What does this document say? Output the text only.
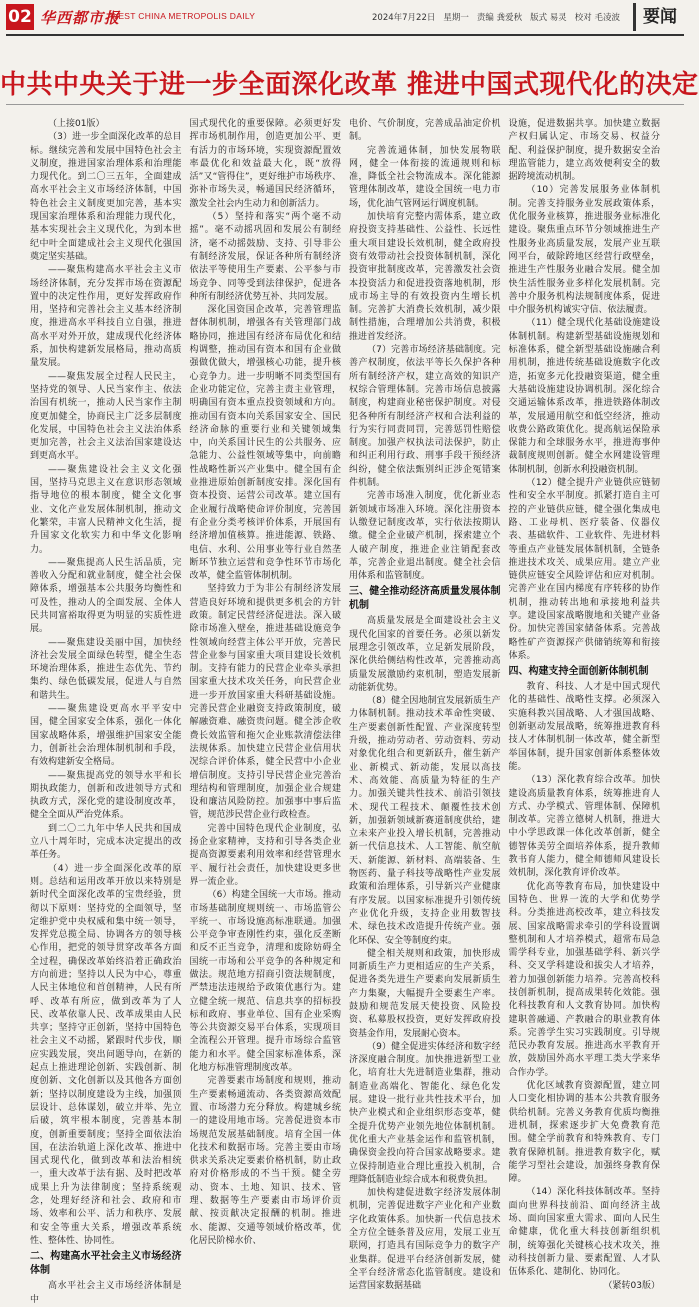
02 华西都市报
WEST CHINA METROPOLIS DAILY	2024年7月22日 星期一 责编 龚爱秋 版式 易灵 校对 毛凌波	要闻
中共中央关于进一步全面深化改革 推进中国式现代化的决定

（上接01版）

（3）进一步全面深化改革的总目标。继续完善和发展中国特色社会主义制度，推进国家治理体系和治理能力现代化。到二〇三五年，全面建成高水平社会主义市场经济体制，中国特色社会主义制度更加完善，基本实现国家治理体系和治理能力现代化，基本实现社会主义现代化，为到本世纪中叶全面建成社会主义现代化强国奠定坚实基础。

——聚焦构建高水平社会主义市场经济体制，充分发挥市场在资源配置中的决定性作用，更好发挥政府作用，坚持和完善社会主义基本经济制度，推进高水平科技自立自强，推进高水平对外开放，建成现代化经济体系，加快构建新发展格局，推动高质量发展。

——聚焦发展全过程人民民主，坚持党的领导、人民当家作主、依法治国有机统一，推动人民当家作主制度更加健全，协商民主广泛多层制度化发展，中国特色社会主义法治体系更加完善，社会主义法治国家建设达到更高水平。

——聚焦建设社会主义文化强国，坚持马克思主义在意识形态领域指导地位的根本制度，健全文化事业、文化产业发展体制机制，推动文化繁荣，丰富人民精神文化生活，提升国家文化软实力和中华文化影响力。

——聚焦提高人民生活品质，完善收入分配和就业制度，健全社会保障体系，增强基本公共服务均衡性和可及性，推动人的全面发展、全体人民共同富裕取得更为明显的实质性进展。

——聚焦建设美丽中国，加快经济社会发展全面绿色转型，健全生态环境治理体系，推进生态优先、节约集约、绿色低碳发展，促进人与自然和谐共生。

——聚焦建设更高水平平安中国，健全国家安全体系，强化一体化国家战略体系，增强维护国家安全能力，创新社会治理体制机制和手段，有效构建新安全格局。

——聚焦提高党的领导水平和长期执政能力，创新和改进领导方式和执政方式，深化党的建设制度改革，健全全面从严治党体系。

到二〇二九年中华人民共和国成立八十周年时，完成本决定提出的改革任务。

（4）进一步全面深化改革的原则。总结和运用改革开放以来特别是新时代全面深化改革的宝贵经验，贯彻以下原则：坚持党的全面领导，坚定维护党中央权威和集中统一领导，发挥党总揽全局、协调各方的领导核心作用，把党的领导贯穿改革各方面全过程，确保改革始终沿着正确政治方向前进；坚持以人民为中心，尊重人民主体地位和首创精神，人民有所呼、改革有所应，做到改革为了人民、改革依靠人民、改革成果由人民共享；坚持守正创新，坚持中国特色社会主义不动摇，紧跟时代步伐，顺应实践发展，突出问题导向，在新的起点上推进理论创新、实践创新、制度创新、文化创新以及其他各方面创新；坚持以制度建设为主线，加强顶层设计、总体谋划，破立并举、先立后破，筑牢根本制度，完善基本制度，创新重要制度；坚持全面依法治国，在法治轨道上深化改革、推进中国式现代化，做到改革和法治相统一，重大改革于法有据、及时把改革成果上升为法律制度；坚持系统观念，处理好经济和社会、政府和市场、效率和公平、活力和秩序、发展和安全等重大关系，增强改革系统性、整体性、协同性。

二、构建高水平社会主义市场经济体制

高水平社会主义市场经济体制是中

国式现代化的重要保障。必须更好发挥市场机制作用，创造更加公平、更有活力的市场环境，实现资源配置效率最优化和效益最大化，既“放得活”又“管得住”，更好维护市场秩序、弥补市场失灵，畅通国民经济循环，激发全社会内生动力和创新活力。

（5）坚持和落实“两个毫不动摇”。毫不动摇巩固和发展公有制经济，毫不动摇鼓励、支持、引导非公有制经济发展，保证各种所有制经济依法平等使用生产要素、公平参与市场竞争、同等受到法律保护，促进各种所有制经济优势互补、共同发展。

深化国资国企改革，完善管理监督体制机制，增强各有关管理部门战略协同，推进国有经济布局优化和结构调整，推动国有资本和国有企业做强做优做大，增强核心功能，提升核心竞争力。进一步明晰不同类型国有企业功能定位，完善主责主业管理，明确国有资本重点投资领域和方向。推动国有资本向关系国家安全、国民经济命脉的重要行业和关键领域集中，向关系国计民生的公共服务、应急能力、公益性领域等集中，向前瞻性战略性新兴产业集中。健全国有企业推进原始创新制度安排。深化国有资本投资、运营公司改革。建立国有企业履行战略使命评价制度，完善国有企业分类考核评价体系，开展国有经济增加值核算。推进能源、铁路、电信、水利、公用事业等行业自然垄断环节独立运营和竞争性环节市场化改革，健全监管体制机制。

坚持致力于为非公有制经济发展营造良好环境和提供更多机会的方针政策。制定民营经济促进法。深入破除市场准入壁垒，推进基础设施竞争性领域向经营主体公平开放，完善民营企业参与国家重大项目建设长效机制。支持有能力的民营企业牵头承担国家重大技术攻关任务，向民营企业进一步开放国家重大科研基础设施。完善民营企业融资支持政策制度，破解融资难、融资贵问题。健全涉企收费长效监管和拖欠企业账款清偿法律法规体系。加快建立民营企业信用状况综合评价体系，健全民营中小企业增信制度。支持引导民营企业完善治理结构和管理制度，加强企业合规建设和廉洁风险防控。加强事中事后监管，规范涉民营企业行政检查。

完善中国特色现代企业制度，弘扬企业家精神，支持和引导各类企业提高资源要素利用效率和经营管理水平、履行社会责任，加快建设更多世界一流企业。

（6）构建全国统一大市场。推动市场基础制度规则统一、市场监管公平统一、市场设施高标准联通。加强公平竞争审查刚性约束，强化反垄断和反不正当竞争，清理和废除妨碍全国统一市场和公平竞争的各种规定和做法。规范地方招商引资法规制度，严禁违法违规给予政策优惠行为。建立健全统一规范、信息共享的招标投标和政府、事业单位、国有企业采购等公共资源交易平台体系，实现项目全流程公开管理。提升市场综合监管能力和水平。健全国家标准体系，深化地方标准管理制度改革。

完善要素市场制度和规则，推动生产要素畅通流动、各类资源高效配置、市场潜力充分释放。构建城乡统一的建设用地市场。完善促进资本市场规范发展基础制度。培育全国一体化技术和数据市场。完善主要由市场供求关系决定要素价格机制，防止政府对价格形成的不当干预。健全劳动、资本、土地、知识、技术、管理、数据等生产要素由市场评价贡献、按贡献决定报酬的机制。推进水、能源、交通等领域价格改革，优化居民阶梯水价、

电价、气价制度，完善成品油定价机制。

完善流通体制，加快发展物联网，健全一体衔接的流通规则和标准，降低全社会物流成本。深化能源管理体制改革，建设全国统一电力市场，优化油气管网运行调度机制。

加快培育完整内需体系，建立政府投资支持基础性、公益性、长远性重大项目建设长效机制，健全政府投资有效带动社会投资体制机制，深化投资审批制度改革，完善激发社会资本投资活力和促进投资落地机制，形成市场主导的有效投资内生增长机制。完善扩大消费长效机制，减少限制性措施，合理增加公共消费，积极推进首发经济。

（7）完善市场经济基础制度。完善产权制度，依法平等长久保护各种所有制经济产权，建立高效的知识产权综合管理体制。完善市场信息披露制度，构建商业秘密保护制度。对侵犯各种所有制经济产权和合法利益的行为实行同责同罚，完善惩罚性赔偿制度。加强产权执法司法保护，防止和纠正利用行政、刑事手段干预经济纠纷，健全依法甄别纠正涉企冤错案件机制。

完善市场准入制度，优化新业态新领域市场准入环境。深化注册资本认缴登记制度改革，实行依法按期认缴。健全企业破产机制，探索建立个人破产制度，推进企业注销配套改革，完善企业退出制度。健全社会信用体系和监管制度。

三、健全推动经济高质量发展体制机制

高质量发展是全面建设社会主义现代化国家的首要任务。必须以新发展理念引领改革，立足新发展阶段，深化供给侧结构性改革，完善推动高质量发展激励约束机制，塑造发展新动能新优势。

（8）健全因地制宜发展新质生产力体制机制。推动技术革命性突破、生产要素创新性配置、产业深度转型升级，推动劳动者、劳动资料、劳动对象优化组合和更新跃升，催生新产业、新模式、新动能，发展以高技术、高效能、高质量为特征的生产力。加强关键共性技术、前沿引领技术、现代工程技术、颠覆性技术创新，加强新领域新赛道制度供给，建立未来产业投入增长机制，完善推动新一代信息技术、人工智能、航空航天、新能源、新材料、高端装备、生物医药、量子科技等战略性产业发展政策和治理体系，引导新兴产业健康有序发展。以国家标准提升引领传统产业优化升级，支持企业用数智技术、绿色技术改造提升传统产业。强化环保、安全等制度约束。

健全相关规则和政策，加快形成同新质生产力更相适应的生产关系，促进各类先进生产要素向发展新质生产力集聚，大幅提升全要素生产率。鼓励和规范发展天使投资、风险投资、私募股权投资，更好发挥政府投资基金作用，发展耐心资本。

（9）健全促进实体经济和数字经济深度融合制度。加快推进新型工业化，培育壮大先进制造业集群，推动制造业高端化、智能化、绿色化发展。建设一批行业共性技术平台，加快产业模式和企业组织形态变革，健全提升优势产业领先地位体制机制。优化重大产业基金运作和监管机制，确保资金投向符合国家战略要求。建立保持制造业合理比重投入机制，合理降低制造业综合成本和税费负担。

加快构建促进数字经济发展体制机制，完善促进数字产业化和产业数字化政策体系。加快新一代信息技术全方位全链条普及应用，发展工业互联网，打造具有国际竞争力的数字产业集群。促进平台经济创新发展，健全平台经济常态化监管制度。建设和运营国家数据基础

设施，促进数据共享。加快建立数据产权归属认定、市场交易、权益分配、利益保护制度，提升数据安全治理监管能力，建立高效便利安全的数据跨境流动机制。

（10）完善发展服务业体制机制。完善支持服务业发展政策体系，优化服务业核算，推进服务业标准化建设。聚焦重点环节分领域推进生产性服务业高质量发展，发展产业互联网平台，破除跨地区经营行政壁垒，推进生产性服务业融合发展。健全加快生活性服务业多样化发展机制。完善中介服务机构法规制度体系，促进中介服务机构诚实守信、依法履责。

（11）健全现代化基础设施建设体制机制。构建新型基础设施规划和标准体系，健全新型基础设施融合利用机制，推进传统基础设施数字化改造，拓宽多元化投融资渠道，健全重大基础设施建设协调机制。深化综合交通运输体系改革，推进铁路体制改革，发展通用航空和低空经济，推动收费公路政策优化。提高航运保险承保能力和全球服务水平，推进海事仲裁制度规则创新。健全水网建设管理体制机制，创新水利投融资机制。

（12）健全提升产业链供应链韧性和安全水平制度。抓紧打造自主可控的产业链供应链，健全强化集成电路、工业母机、医疗装备、仪器仪表、基础软件、工业软件、先进材料等重点产业链发展体制机制，全链条推进技术攻关、成果应用。建立产业链供应链安全风险评估和应对机制。完善产业在国内梯度有序转移的协作机制，推动转出地和承接地利益共享。建设国家战略腹地和关键产业备份。加快完善国家储备体系。完善战略性矿产资源探产供储销统筹和衔接体系。

四、构建支持全面创新体制机制

教育、科技、人才是中国式现代化的基础性、战略性支撑。必须深入实施科教兴国战略、人才强国战略、创新驱动发展战略，统筹推进教育科技人才体制机制一体改革，健全新型举国体制，提升国家创新体系整体效能。

（13）深化教育综合改革。加快建设高质量教育体系，统筹推进育人方式、办学模式、管理体制、保障机制改革。完善立德树人机制，推进大中小学思政课一体化改革创新，健全德智体美劳全面培养体系，提升教师教书育人能力，健全师德师风建设长效机制，深化教育评价改革。

优化高等教育布局，加快建设中国特色、世界一流的大学和优势学科。分类推进高校改革，建立科技发展、国家战略需求牵引的学科设置调整机制和人才培养模式，超常布局急需学科专业，加强基础学科、新兴学科、交叉学科建设和拔尖人才培养，着力加强创新能力培养。完善高校科技创新机制，提高成果转化效能。强化科技教育和人文教育协同。加快构建职普融通、产教融合的职业教育体系。完善学生实习实践制度。引导规范民办教育发展。推进高水平教育开放，鼓励国外高水平理工类大学来华合作办学。

优化区域教育资源配置，建立同人口变化相协调的基本公共教育服务供给机制。完善义务教育优质均衡推进机制，探索逐步扩大免费教育范围。健全学前教育和特殊教育、专门教育保障机制。推进教育数字化，赋能学习型社会建设，加强终身教育保障。

（14）深化科技体制改革。坚持面向世界科技前沿、面向经济主战场、面向国家重大需求、面向人民生命健康，优化重大科技创新组织机制，统筹强化关键核心技术攻关，推动科技创新力量、要素配置、人才队伍体系化、建制化、协同化。

（紧转03版）
